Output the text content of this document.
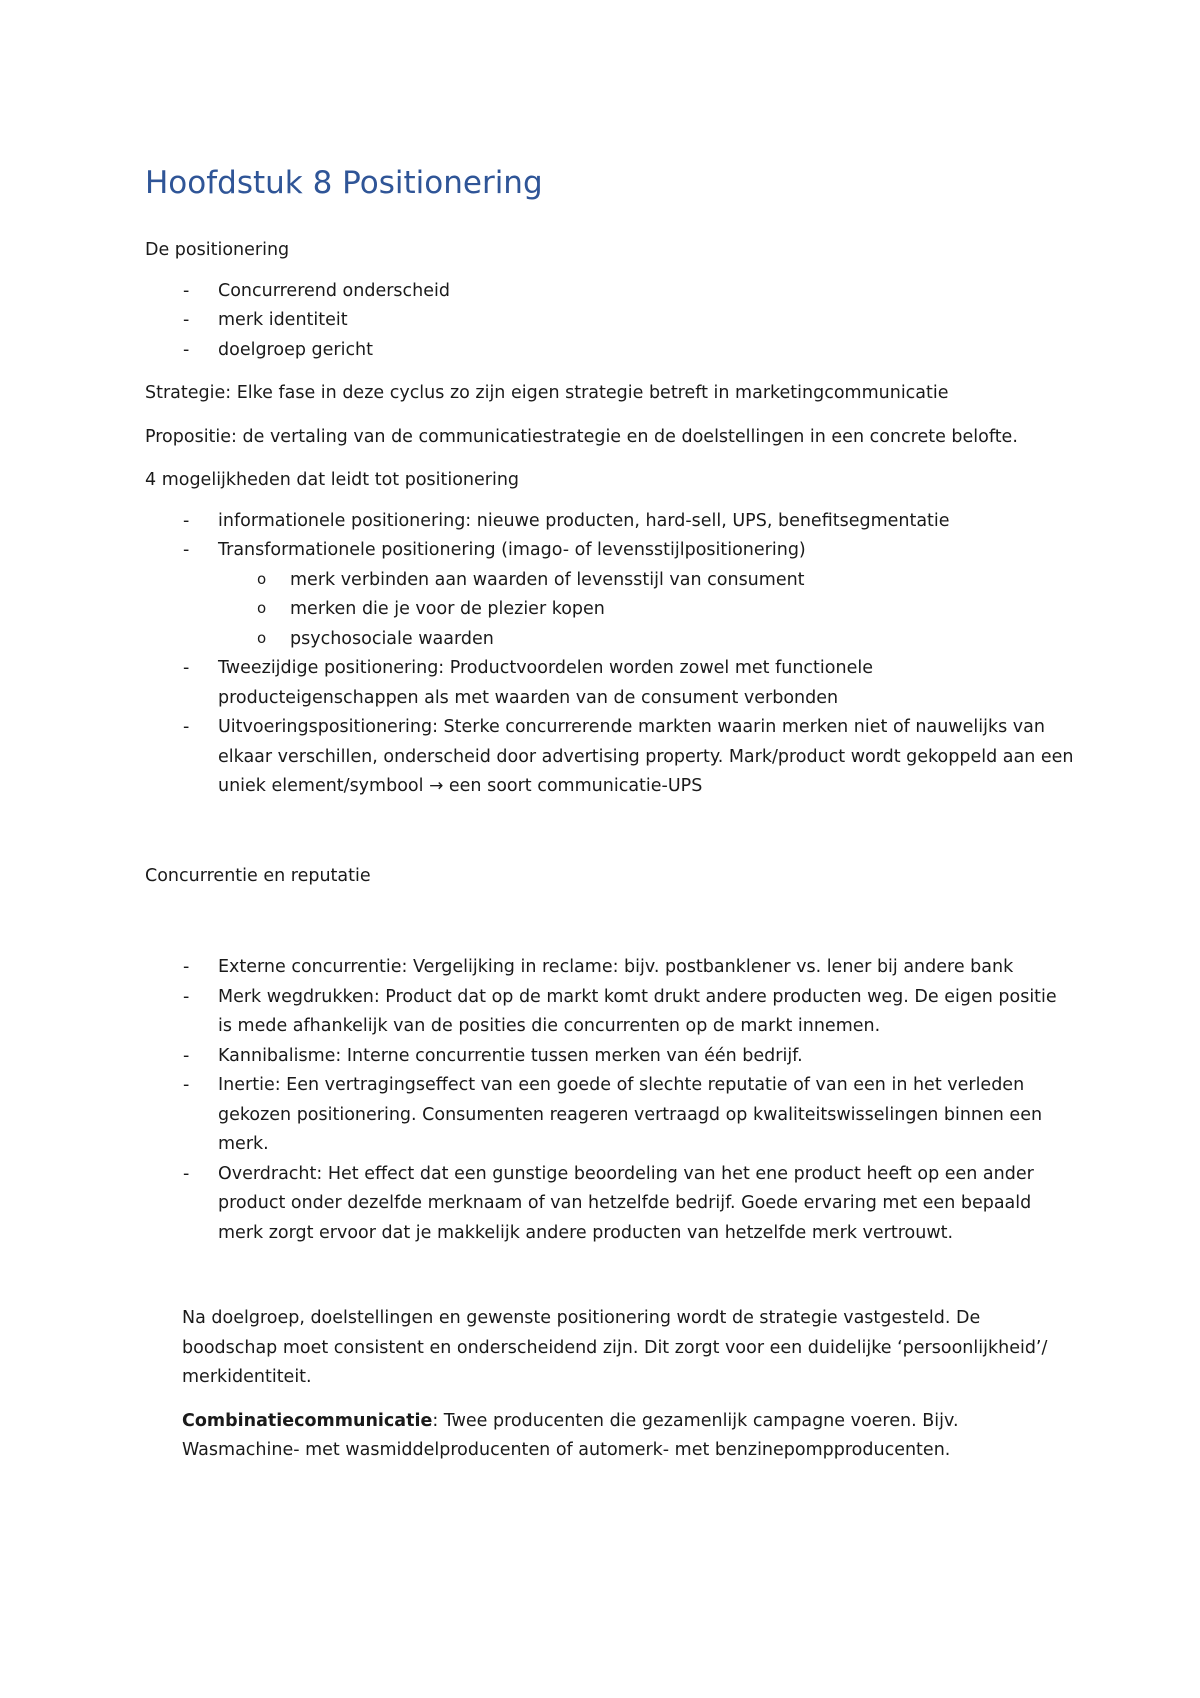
Hoofdstuk 8 Positionering

De positionering

- Concurrerend onderscheid
- merk identiteit
- doelgroep gericht

Strategie: Elke fase in deze cyclus zo zijn eigen strategie betreft in marketingcommunicatie

Propositie: de vertaling van de communicatiestrategie en de doelstellingen in een concrete belofte.

4 mogelijkheden dat leidt tot positionering

- informationele positionering: nieuwe producten, hard-sell, UPS, benefitsegmentatie
- Transformationele positionering (imago- of levensstijlpositionering)
o merk verbinden aan waarden of levensstijl van consument
o merken die je voor de plezier kopen
o psychosociale waarden
- Tweezijdige positionering: Productvoordelen worden zowel met functionele producteigenschappen als met waarden van de consument verbonden
- Uitvoeringspositionering: Sterke concurrerende markten waarin merken niet of nauwelijks van elkaar verschillen, onderscheid door advertising property. Mark/product wordt gekoppeld aan een uniek element/symbool → een soort communicatie-UPS

Concurrentie en reputatie

- Externe concurrentie: Vergelijking in reclame: bijv. postbanklener vs. lener bij andere bank
- Merk wegdrukken: Product dat op de markt komt drukt andere producten weg. De eigen positie is mede afhankelijk van de posities die concurrenten op de markt innemen.
- Kannibalisme: Interne concurrentie tussen merken van één bedrijf.
- Inertie: Een vertragingseffect van een goede of slechte reputatie of van een in het verleden gekozen positionering. Consumenten reageren vertraagd op kwaliteitswisselingen binnen een merk.
- Overdracht: Het effect dat een gunstige beoordeling van het ene product heeft op een ander product onder dezelfde merknaam of van hetzelfde bedrijf. Goede ervaring met een bepaald merk zorgt ervoor dat je makkelijk andere producten van hetzelfde merk vertrouwt.

Na doelgroep, doelstellingen en gewenste positionering wordt de strategie vastgesteld. De boodschap moet consistent en onderscheidend zijn. Dit zorgt voor een duidelijke ‘persoonlijkheid’/ merkidentiteit.

Combinatiecommunicatie: Twee producenten die gezamenlijk campagne voeren. Bijv. Wasmachine- met wasmiddelproducenten of automerk- met benzinepompproducenten.
